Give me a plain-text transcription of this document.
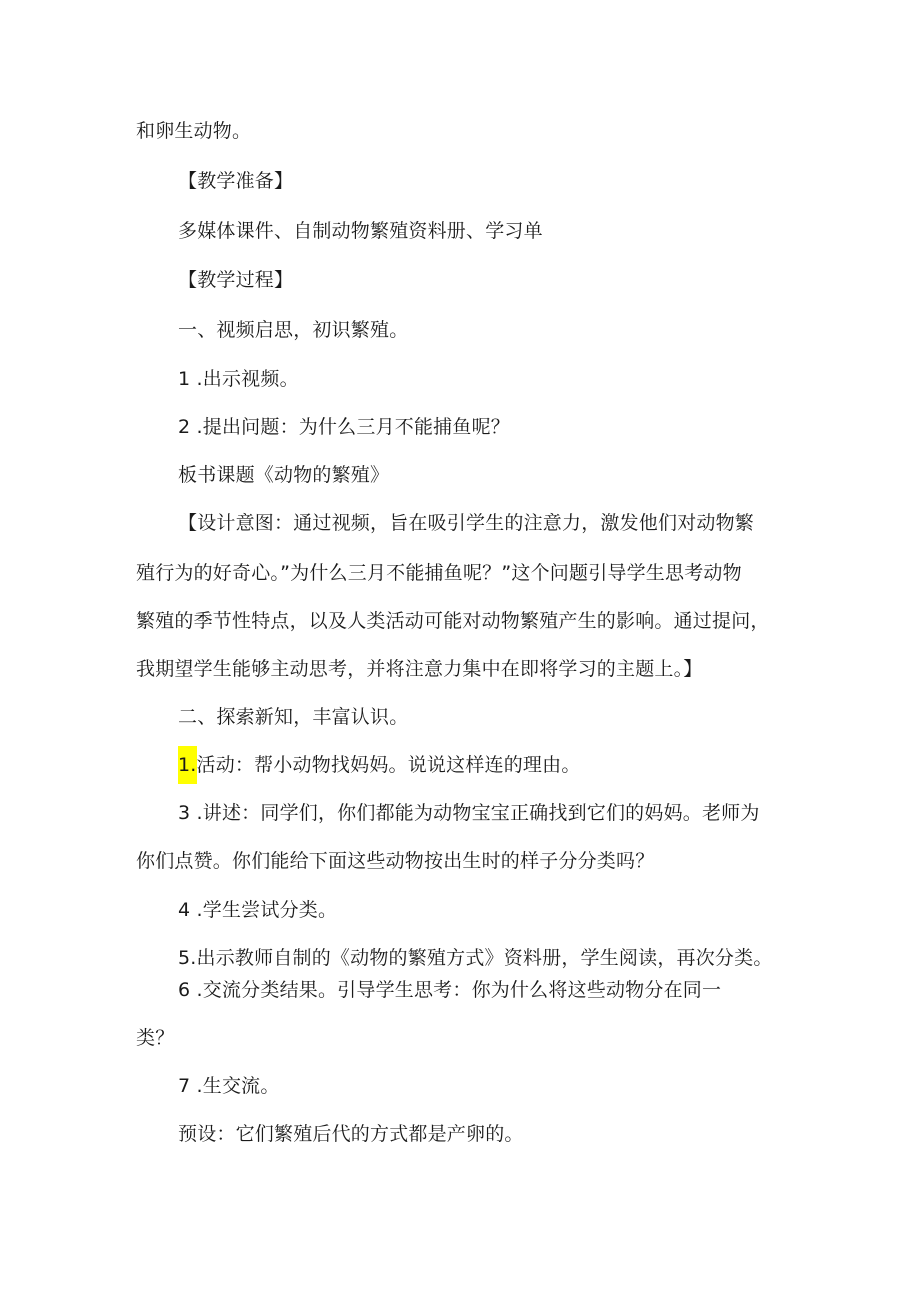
和卵生动物。
【教学准备】
多媒体课件、自制动物繁殖资料册、学习单
【教学过程】
一、视频启思，初识繁殖。
1 .出示视频。
2 .提出问题：为什么三月不能捕鱼呢？
板书课题《动物的繁殖》
【设计意图：通过视频，旨在吸引学生的注意力，激发他们对动物繁
殖行为的好奇心。”为什么三月不能捕鱼呢？”这个问题引导学生思考动物
繁殖的季节性特点，以及人类活动可能对动物繁殖产生的影响。通过提问，
我期望学生能够主动思考，并将注意力集中在即将学习的主题上。】
二、探索新知，丰富认识。
1.活动：帮小动物找妈妈。说说这样连的理由。
3 .讲述：同学们，你们都能为动物宝宝正确找到它们的妈妈。老师为
你们点赞。你们能给下面这些动物按出生时的样子分分类吗？
4 .学生尝试分类。
5.出示教师自制的《动物的繁殖方式》资料册，学生阅读，再次分类。
6 .交流分类结果。引导学生思考：你为什么将这些动物分在同一
类？
7 .生交流。
预设：它们繁殖后代的方式都是产卵的。
